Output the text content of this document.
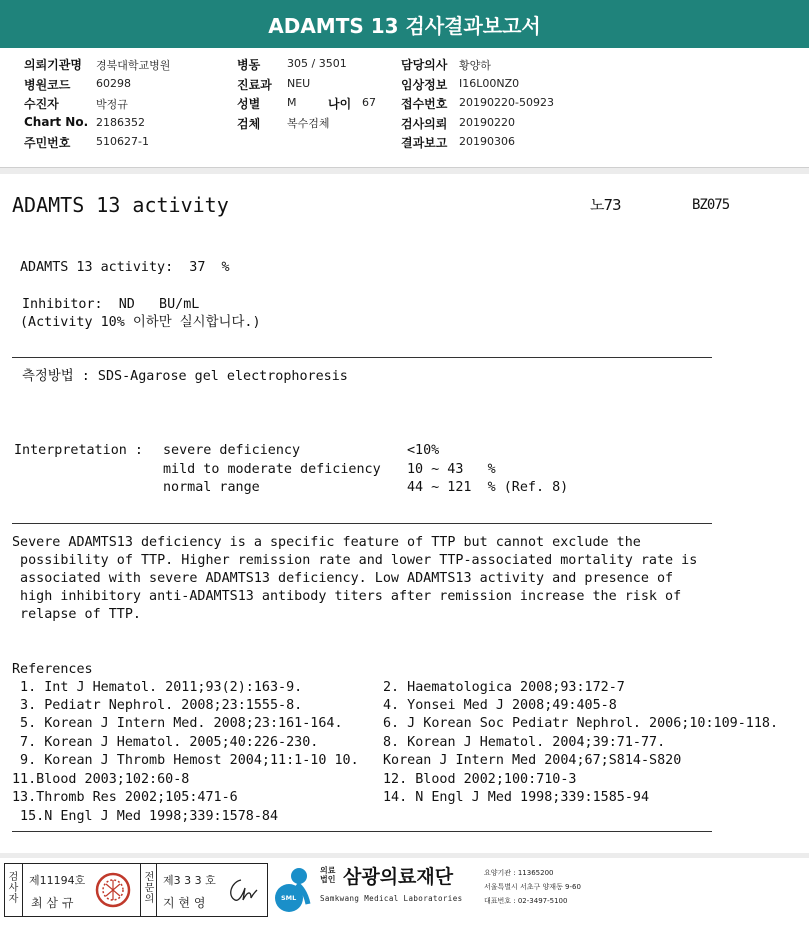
ADAMTS 13 검사결과보고서
의뢰기관명 경북대학교병원
병원코드 60298
수진자	박정규
Chart No. 2186352
주민번호 510627-1
병동 305 / 3501
진료과 NEU
성별 M	나이 67
검체 복수검체
담당의사 황양하
임상정보 I16L00NZ0
접수번호 20190220-50923
검사의뢰 20190220
결과보고 20190306
ADAMTS 13 activity	노73	BZ075
ADAMTS 13 activity:  37  %
Inhibitor:  ND   BU/mL
(Activity 10% 이하만 실시합니다.)
측정방법 : SDS-Agarose gel electrophoresis
Interpretation : severe deficiency	<10%
mild to moderate deficiency 10 ~ 43   %
normal range	44 ~ 121  % (Ref. 8)
Severe ADAMTS13 deficiency is a specific feature of TTP but cannot exclude the
possibility of TTP. Higher remission rate and lower TTP-associated mortality rate is
associated with severe ADAMTS13 deficiency. Low ADAMTS13 activity and presence of
high inhibitory anti-ADAMTS13 antibody titers after remission increase the risk of
relapse of TTP.
References
1. Int J Hematol. 2011;93(2):163-9.
3. Pediatr Nephrol. 2008;23:1555-8.
5. Korean J Intern Med. 2008;23:161-164.
7. Korean J Hematol. 2005;40:226-230.
9. Korean J Thromb Hemost 2004;11:1-10 10.
11.Blood 2003;102:60-8
13.Thromb Res 2002;105:471-6
15.N Engl J Med 1998;339:1578-84
2. Haematologica 2008;93:172-7
4. Yonsei Med J 2008;49:405-8
6. J Korean Soc Pediatr Nephrol. 2006;10:109-118.
8. Korean J Hematol. 2004;39:71-77.
Korean J Intern Med 2004;67;S814-S820
12. Blood 2002;100:710-3
14. N Engl J Med 1998;339:1585-94
검사자
제11194호
최 삼 규
전문의
제3 3 3 호
지 현 영	SML
의료법인 삼광의료재단
Samkwang Medical Laboratories
요양기관 : 11365200
서울특별시 서초구 양재동 9-60
대표번호 : 02-3497-5100
